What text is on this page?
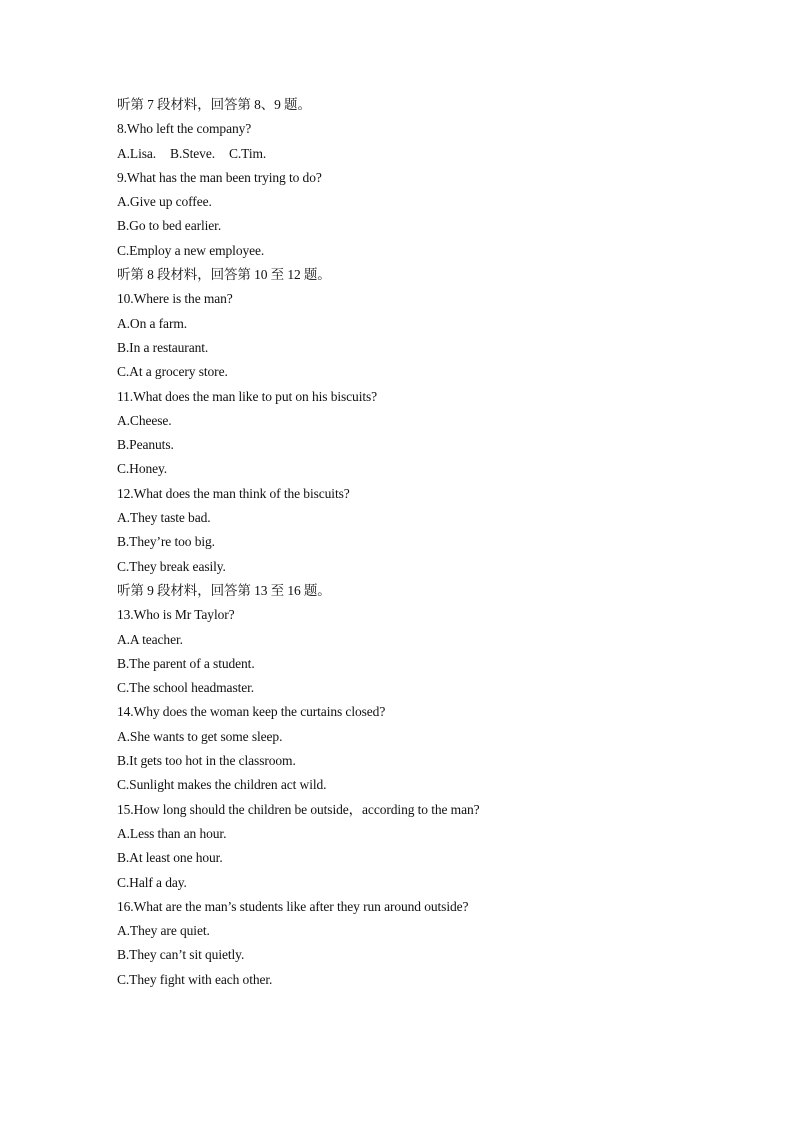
听第 7 段材料，回答第 8、9 题。
8.Who left the company?
A.Lisa. B.Steve. C.Tim.
9.What has the man been trying to do?
A.Give up coffee.
B.Go to bed earlier.
C.Employ a new employee.
听第 8 段材料，回答第 10 至 12 题。
10.Where is the man?
A.On a farm.
B.In a restaurant.
C.At a grocery store.
11.What does the man like to put on his biscuits?
A.Cheese.
B.Peanuts.
C.Honey.
12.What does the man think of the biscuits?
A.They taste bad.
B.They’re too big.
C.They break easily.
听第 9 段材料，回答第 13 至 16 题。
13.Who is Mr Taylor?
A.A teacher.
B.The parent of a student.
C.The school headmaster.
14.Why does the woman keep the curtains closed?
A.She wants to get some sleep.
B.It gets too hot in the classroom.
C.Sunlight makes the children act wild.
15.How long should the children be outside，according to the man?
A.Less than an hour.
B.At least one hour.
C.Half a day.
16.What are the man’s students like after they run around outside?
A.They are quiet.
B.They can’t sit quietly.
C.They fight with each other.
